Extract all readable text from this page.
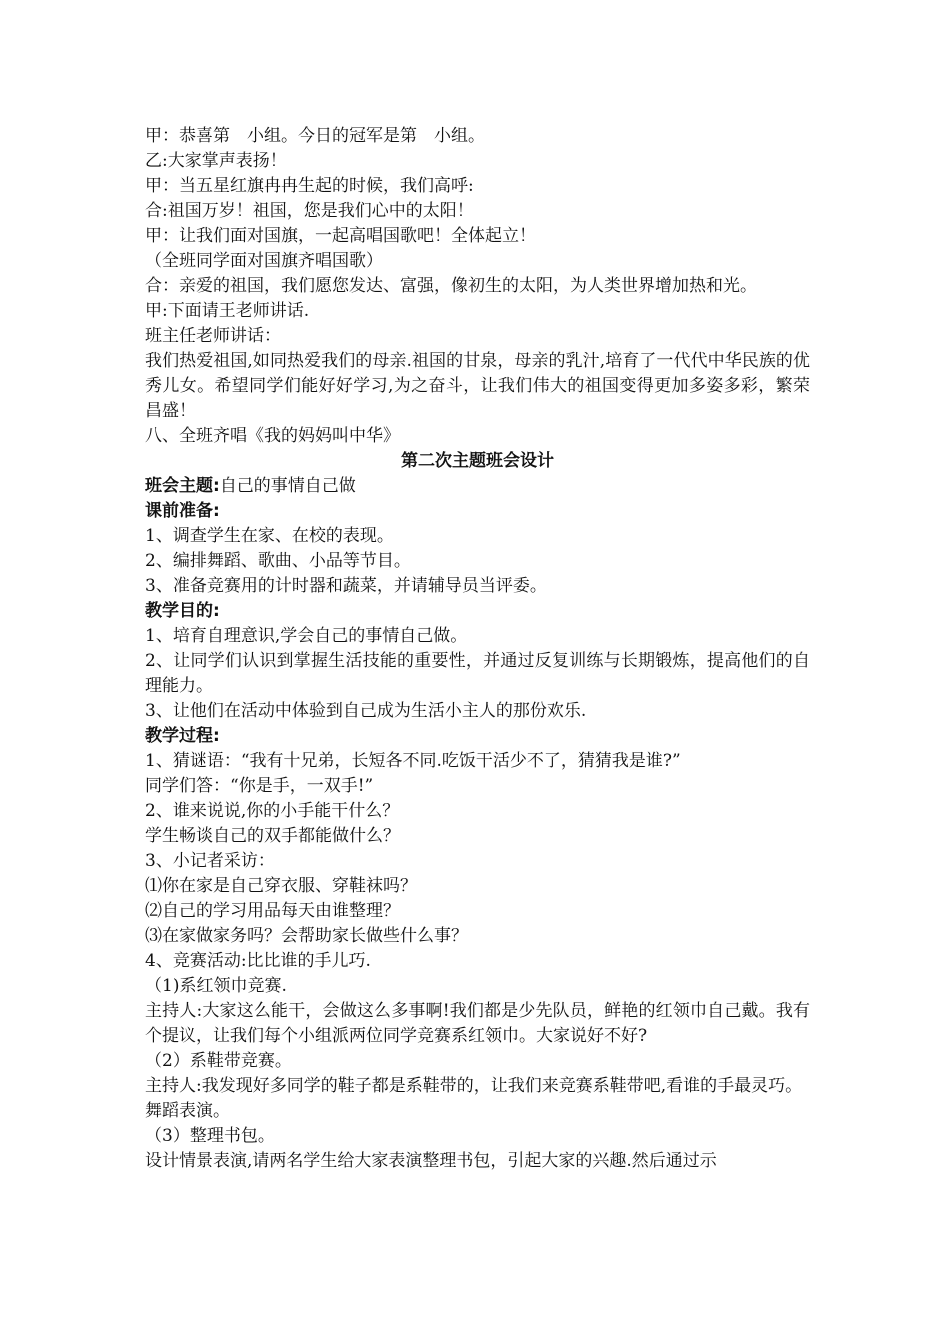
甲：恭喜第　小组。今日的冠军是第　小组。
乙:大家掌声表扬！
甲：当五星红旗冉冉生起的时候，我们高呼:
合:祖国万岁！祖国，您是我们心中的太阳！
甲：让我们面对国旗，一起高唱国歌吧！全体起立！
（全班同学面对国旗齐唱国歌）
合：亲爱的祖国，我们愿您发达、富强，像初生的太阳，为人类世界增加热和光。
甲:下面请王老师讲话.
班主任老师讲话：
我们热爱祖国,如同热爱我们的母亲.祖国的甘泉，母亲的乳汁,培育了一代代中华民族的优秀儿女。希望同学们能好好学习,为之奋斗，让我们伟大的祖国变得更加多姿多彩，繁荣昌盛！
八、全班齐唱《我的妈妈叫中华》
第二次主题班会设计
班会主题:自己的事情自己做
课前准备:
1、调查学生在家、在校的表现。
2、编排舞蹈、歌曲、小品等节目。
3、准备竞赛用的计时器和蔬菜，并请辅导员当评委。
教学目的:
1、培育自理意识,学会自己的事情自己做。
2、让同学们认识到掌握生活技能的重要性，并通过反复训练与长期锻炼，提高他们的自理能力。
3、让他们在活动中体验到自己成为生活小主人的那份欢乐.
教学过程:
1、猜谜语：“我有十兄弟，长短各不同.吃饭干活少不了，猜猜我是谁?”
同学们答：“你是手，一双手!”
2、谁来说说,你的小手能干什么？
学生畅谈自己的双手都能做什么？
3、小记者采访：
⑴你在家是自己穿衣服、穿鞋袜吗？
⑵自己的学习用品每天由谁整理？
⑶在家做家务吗？会帮助家长做些什么事？
4、竞赛活动:比比谁的手儿巧.
（1)系红领巾竞赛.
主持人:大家这么能干，会做这么多事啊!我们都是少先队员，鲜艳的红领巾自己戴。我有个提议，让我们每个小组派两位同学竞赛系红领巾。大家说好不好?
（2）系鞋带竞赛。
主持人:我发现好多同学的鞋子都是系鞋带的，让我们来竞赛系鞋带吧,看谁的手最灵巧。
舞蹈表演。
（3）整理书包。
设计情景表演,请两名学生给大家表演整理书包，引起大家的兴趣.然后通过示
